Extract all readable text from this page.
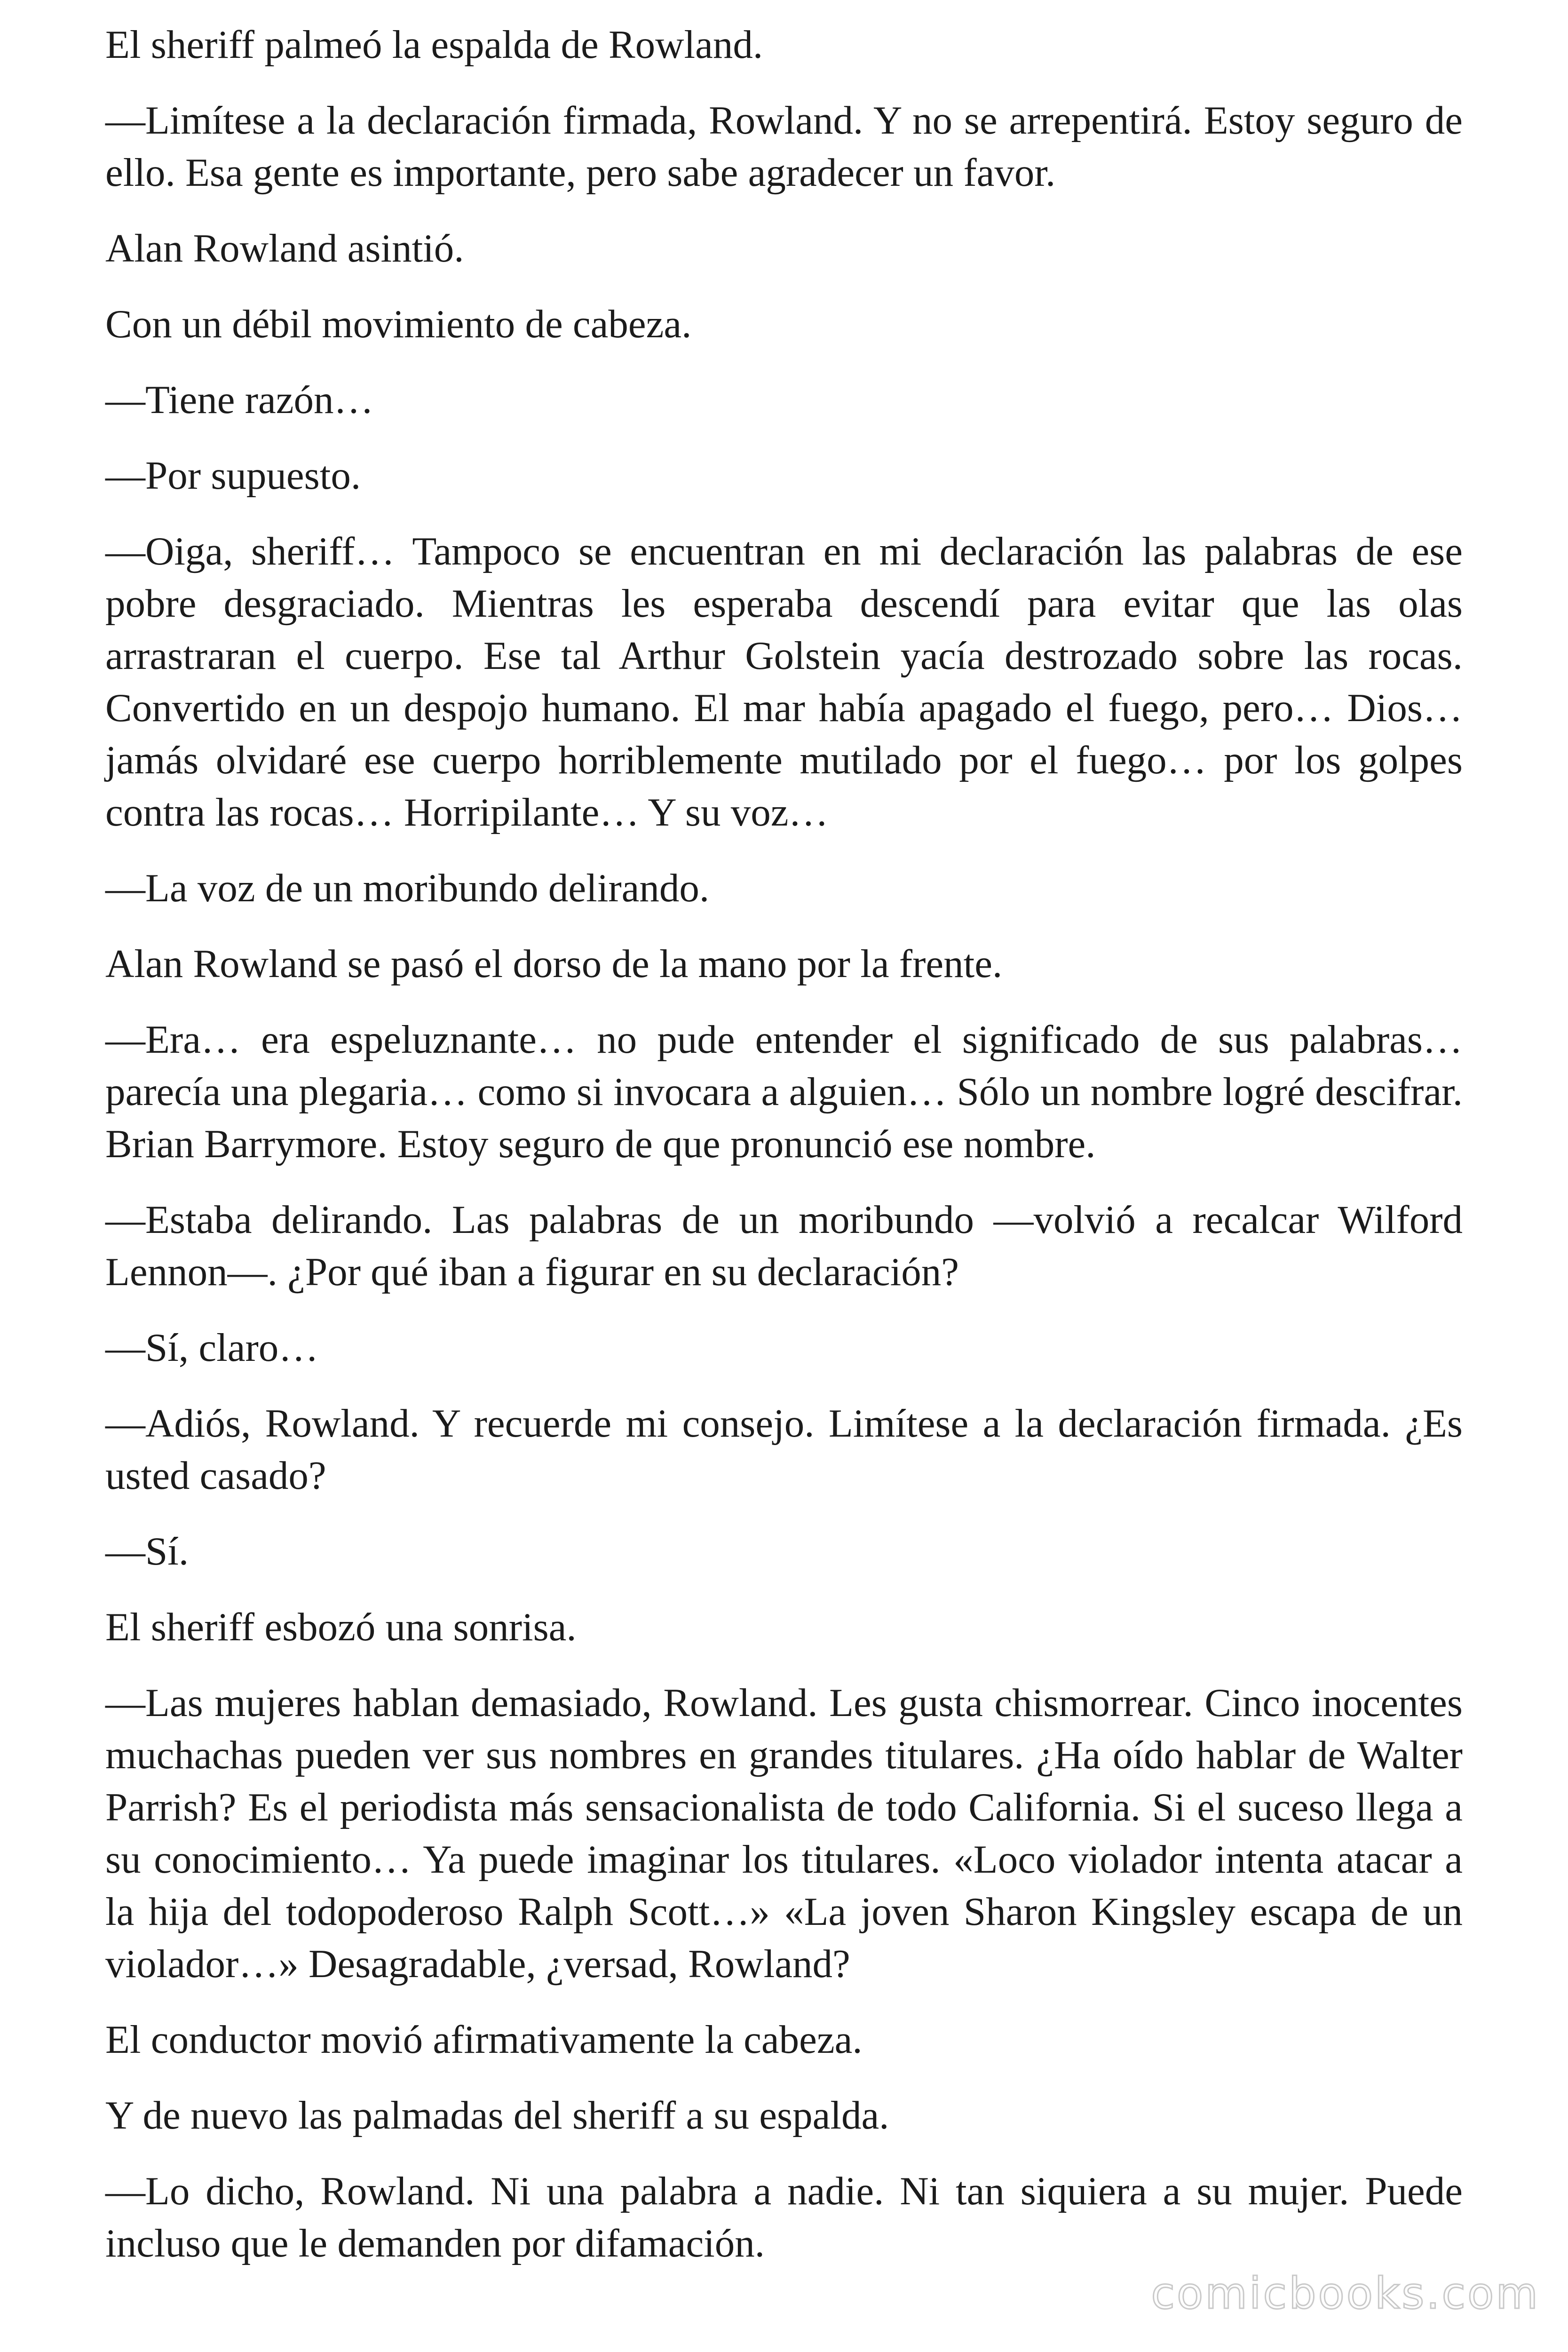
El sheriff palmeó la espalda de Rowland.

—Limítese a la declaración firmada, Rowland. Y no se arrepentirá. Estoy seguro de ello. Esa gente es importante, pero sabe agradecer un favor.

Alan Rowland asintió.

Con un débil movimiento de cabeza.

—Tiene razón…

—Por supuesto.

—Oiga, sheriff… Tampoco se encuentran en mi declaración las palabras de ese pobre desgraciado. Mientras les esperaba descendí para evitar que las olas arrastraran el cuerpo. Ese tal Arthur Golstein yacía destrozado sobre las rocas. Convertido en un despojo humano. El mar había apagado el fuego, pero… Dios… jamás olvidaré ese cuerpo horriblemente mutilado por el fuego… por los golpes contra las rocas… Horripilante… Y su voz…

—La voz de un moribundo delirando.

Alan Rowland se pasó el dorso de la mano por la frente.

—Era… era espeluznante… no pude entender el significado de sus palabras… parecía una plegaria… como si invocara a alguien… Sólo un nombre logré descifrar. Brian Barrymore. Estoy seguro de que pronunció ese nombre.

—Estaba delirando. Las palabras de un moribundo —volvió a recalcar Wilford Lennon—. ¿Por qué iban a figurar en su declaración?

—Sí, claro…

—Adiós, Rowland. Y recuerde mi consejo. Limítese a la declaración firmada. ¿Es usted casado?

—Sí.

El sheriff esbozó una sonrisa.

—Las mujeres hablan demasiado, Rowland. Les gusta chismorrear. Cinco inocentes muchachas pueden ver sus nombres en grandes titulares. ¿Ha oído hablar de Walter Parrish? Es el periodista más sensacionalista de todo California. Si el suceso llega a su conocimiento… Ya puede imaginar los titulares. «Loco violador intenta atacar a la hija del todopoderoso Ralph Scott…» «La joven Sharon Kingsley escapa de un violador…» Desagradable, ¿versad, Rowland?

El conductor movió afirmativamente la cabeza.

Y de nuevo las palmadas del sheriff a su espalda.

—Lo dicho, Rowland. Ni una palabra a nadie. Ni tan siquiera a su mujer. Puede incluso que le demanden por difamación.

comicbooks.com
